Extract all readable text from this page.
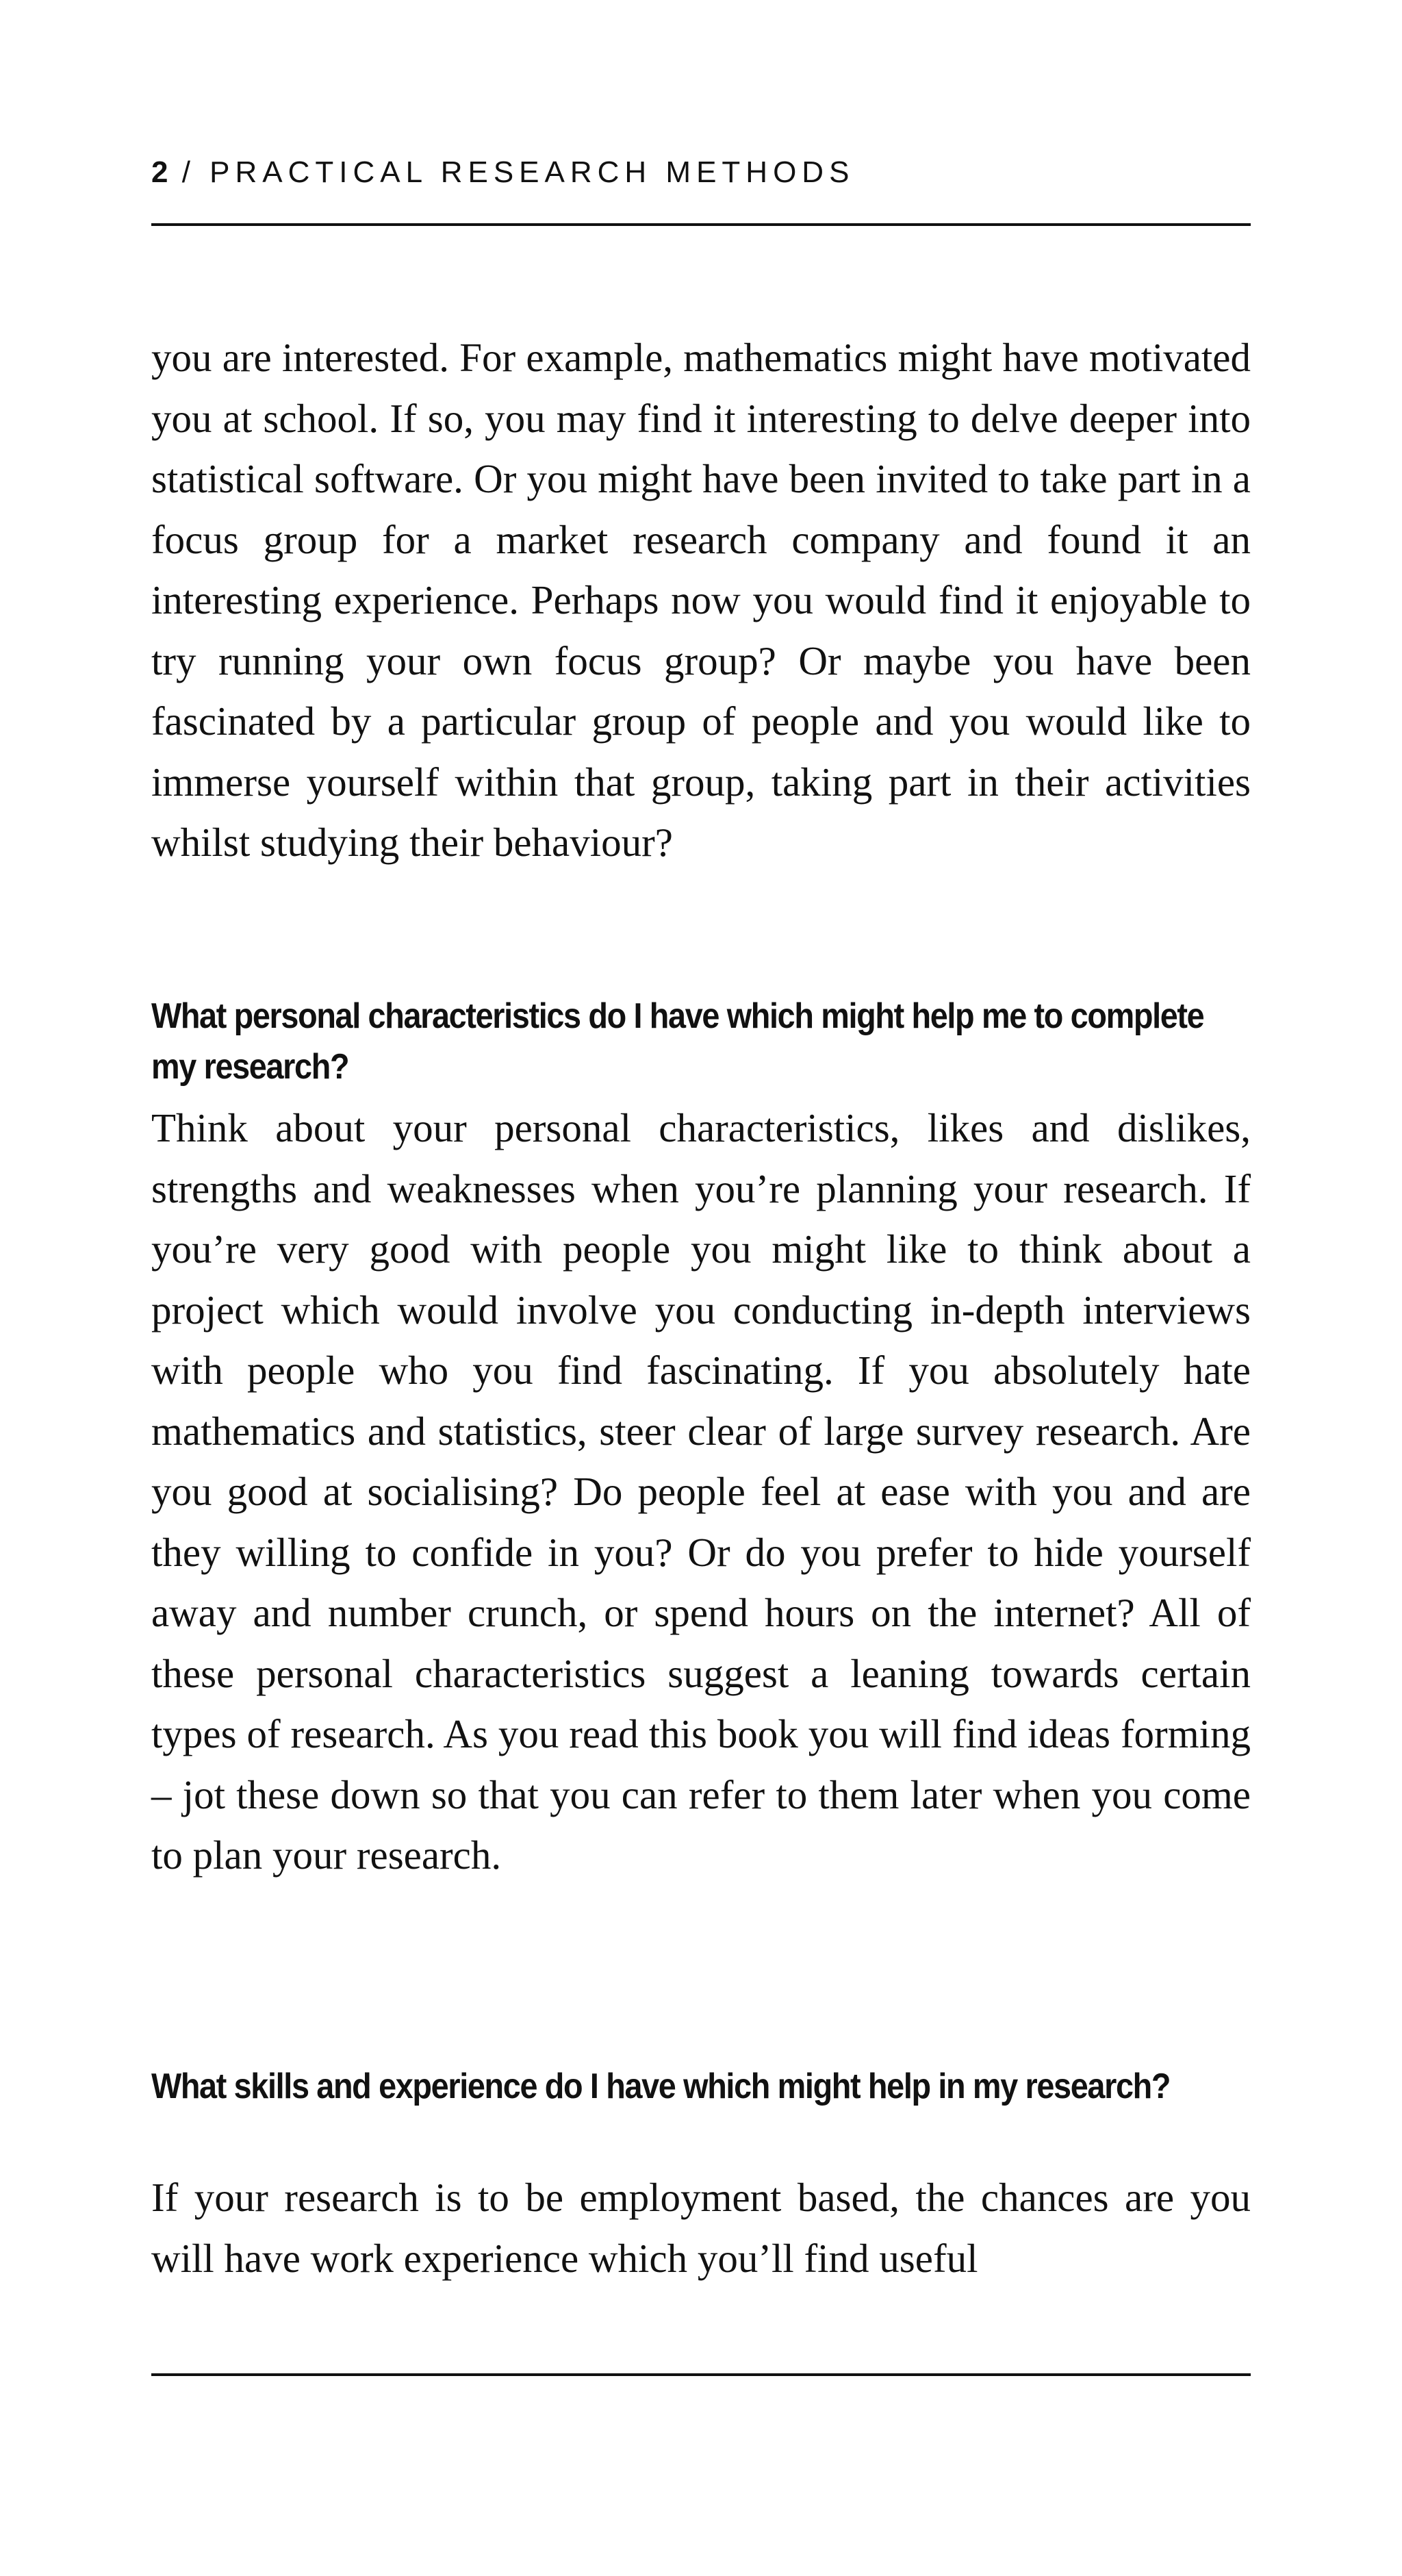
2 / PRACTICAL RESEARCH METHODS

you are interested. For example, mathematics might have motivated you at school. If so, you may find it interesting to delve deeper into statistical software. Or you might have been invited to take part in a focus group for a market research company and found it an interesting experience. Perhaps now you would find it enjoyable to try running your own focus group? Or maybe you have been fascinated by a particular group of people and you would like to immerse yourself within that group, taking part in their activities whilst studying their behaviour?

What personal characteristics do I have which might help me to complete my research?

Think about your personal characteristics, likes and dislikes, strengths and weaknesses when you’re planning your research. If you’re very good with people you might like to think about a project which would involve you conducting in-depth interviews with people who you find fascinating. If you absolutely hate mathematics and statistics, steer clear of large survey research. Are you good at socialising? Do people feel at ease with you and are they willing to confide in you? Or do you prefer to hide yourself away and number crunch, or spend hours on the internet? All of these personal characteristics suggest a leaning towards certain types of research. As you read this book you will find ideas forming – jot these down so that you can refer to them later when you come to plan your research.

What skills and experience do I have which might help in my research?

If your research is to be employment based, the chances are you will have work experience which you’ll find useful
